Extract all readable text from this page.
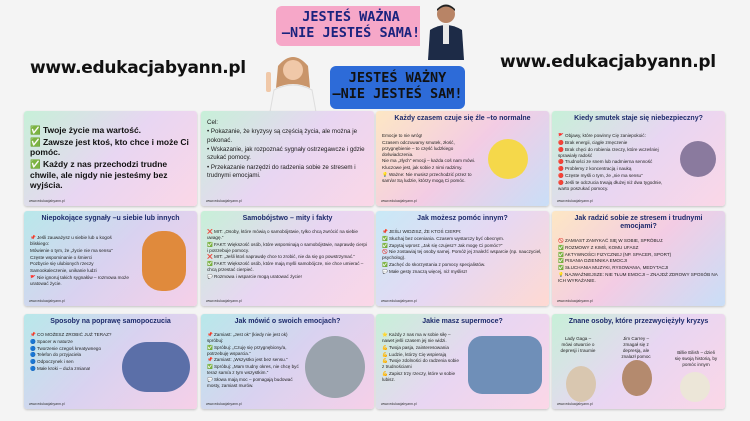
www.edukacjabyann.pl	www.edukacjabyann.pl
JESTEŚ WAŻNA
–NIE JESTEŚ SAMA!
JESTEŚ WAŻNY
–NIE JESTEŚ SAM!
✅ Twoje życie ma wartość.
✅ Zawsze jest ktoś, kto chce i może Ci pomóc.
✅ Każdy z nas przechodzi trudne chwile, ale nigdy nie jesteśmy bez wyjścia.
www.edukacjabyann.pl
Cel:
• Pokazanie, że kryzysy są częścią życia, ale można je pokonać.
• Wskazanie, jak rozpoznać sygnały ostrzegawcze i gdzie szukać pomocy.
• Przekazanie narzędzi do radzenia sobie ze stresem i trudnymi emocjami.
www.edukacjabyann.pl
Każdy czasem czuje się źle –to normalne
Emocje to nie wróg!
Czasem odczuwamy smutek, złość, przygnębienie – to część ludzkiego doświadczenia.
Nie ma „złych” emocji – każda coś nam mówi.
Kluczowe jest, jak sobie z nimi radzimy.
💡 Ważne: Nie musisz przechodzić przez to sam/a! Są ludzie, którzy mogą Ci pomóc.
www.edukacjabyann.pl
Kiedy smutek staje się niebezpieczny?
🚩 Objawy, które powinny Cię zaniepokoić:
🔴 Brak energii, ciągłe zmęczenie
🔴 Brak chęci do robienia rzeczy, które wcześniej sprawiały radość
🔴 Trudności ze snem lub nadmierna senność
🔴 Problemy z koncentracją i nauką
🔴 Częste myśli o tym, że „nie ma sensu”
🔴 Jeśli te odczucia trwają dłużej niż dwa tygodnie, warto poszukać pomocy.
www.edukacjabyann.pl
Niepokojące sygnały –u siebie lub innych
📌 Jeśli zauważysz u siebie lub u kogoś bliskiego:
Mówienie o tym, że „życie nie ma sensu”
Częste wspominanie o śmierci
Pozbycie się ulubionych rzeczy
Samookaleczenie, unikanie ludzi
🚩 Nie ignoruj takich sygnałów – rozmowa może uratować życie.
www.edukacjabyann.pl
Samobójstwo – mity i fakty
❌ MIT: „Osoby, które mówią o samobójstwie, tylko chcą zwrócić na siebie uwagę.”
✅ FAKT: Większość osób, które wspominają o samobójstwie, naprawdę cierpi i potrzebuje pomocy.
❌ MIT: „Jeśli ktoś naprawdę chce to zrobić, nie da się go powstrzymać.”
✅ FAKT: Większość osób, które mają myśli samobójcze, nie chce umierać – chcą przestać cierpieć.
💬 Rozmowa i wsparcie mogą uratować życie!
www.edukacjabyann.pl
Jak możesz pomóc innym?
📌 JEŚLI WIDZISZ, ŻE KTOŚ CIERPI:
✅ Słuchaj bez oceniania. Czasem wystarczy być obecnym.
✅ Zapytaj wprost: „Jak się czujesz? Jak mogę Ci pomóc?”
🚫 Nie zostawiaj tej osoby samej. Pomóż jej znaleźć wsparcie (np. nauczyciel, psycholog).
✅ Zachęć do skorzystania z pomocy specjalistów.
💬 Małe gesty znaczą więcej, niż myślisz!
www.edukacjabyann.pl
Jak radzić sobie ze stresem i trudnymi emocjami?
🚫 ZAMIAST ZAMYKAĆ SIĘ W SOBIE, SPRÓBUJ:
✅ ROZMOWY Z KIMŚ, KOMU UFASZ
✅ AKTYWNOŚCI FIZYCZNEJ (NP. SPACER, SPORT)
✅ PISANIA DZIENNIKA EMOCJI
✅ SŁUCHANIA MUZYKI, RYSOWANIA, MEDYTACJI
💡 NAJWAŻNIEJSZE: NIE TŁUM EMOCJI – ZNAJDŹ ZDROWY SPOSÓB NA ICH WYRAŻANIE.
www.edukacjabyann.pl
Sposoby na poprawę samopoczucia
📌 CO MOŻESZ ZROBIĆ JUŻ TERAZ?
🔵 Spacer w naturze
🔵 Tworzenie czegoś kreatywnego
🔵 Telefon do przyjaciela
🔵 Odpoczynek i sen
🔵 Małe kroki – duża zmiana!
www.edukacjabyann.pl
Jak mówić o swoich emocjach?
📌 Zamiast: „Jest ok” (kiedy nie jest ok) spróbuj:
✅ Spróbuj: „Czuję się przygnębiony/a, potrzebuję wsparcia.”
📌 Zamiast: „Wszystko jest bez sensu.”
✅ Spróbuj: „Mam trudny okres, nie chcę być teraz sam/a z tym wszystkim.”
💬 Słowa mają moc – pomagają budować mosty, zamiast murów.
www.edukacjabyann.pl
Jakie masz supermoce?
⭐ Każdy z nas ma w sobie siłę – nawet jeśli czasem jej nie widzi.
💪 Twoja pasja, zainteresowania
💪 Ludzie, którzy Cię wspierają
💪 Twoje zdolności do radzenia sobie z trudnościami
💪 Zapisz trzy rzeczy, które w sobie lubisz.
www.edukacjabyann.pl
Znane osoby, które przezwyciężyły kryzys
Lady Gaga – mówi otwarcie o depresji i traumie
Jim Carrey – zmagał się z depresją, ale znalazł pomoc
Billie Eilish – dzieli się swoją historią, by pomóc innym
www.edukacjabyann.pl
